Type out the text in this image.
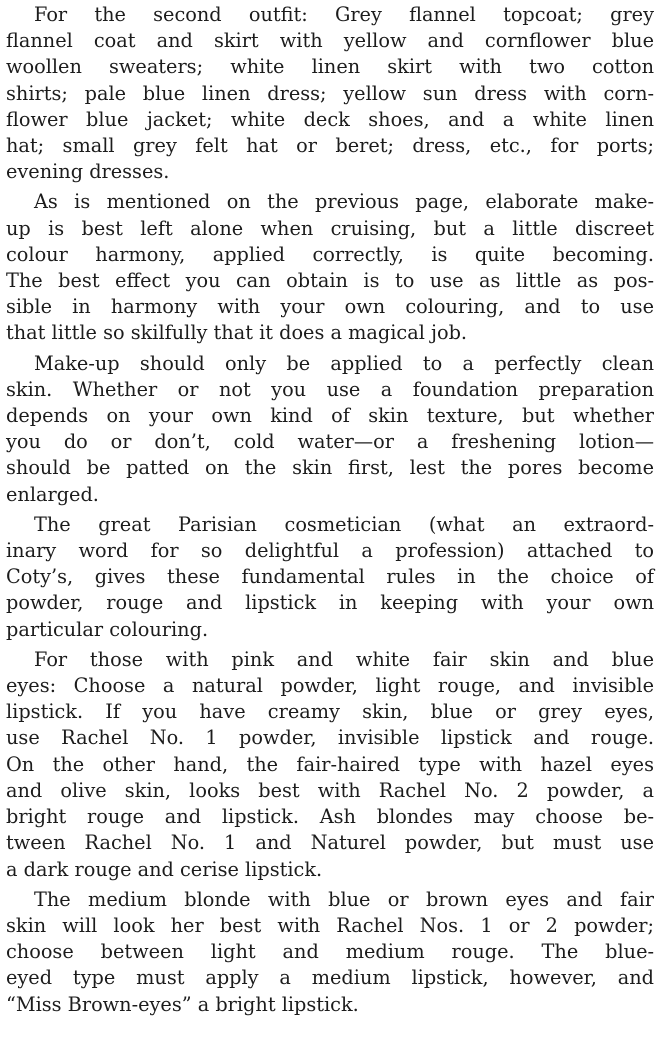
For the second outfit: Grey flannel topcoat; grey
flannel coat and skirt with yellow and cornflower blue
woollen sweaters; white linen skirt with two cotton
shirts; pale blue linen dress; yellow sun dress with corn-
flower blue jacket; white deck shoes, and a white linen
hat; small grey felt hat or beret; dress, etc., for ports;
evening dresses.

As is mentioned on the previous page, elaborate make-
up is best left alone when cruising, but a little discreet
colour harmony, applied correctly, is quite becoming.
The best effect you can obtain is to use as little as pos-
sible in harmony with your own colouring, and to use
that little so skilfully that it does a magical job.

Make-up should only be applied to a perfectly clean
skin. Whether or not you use a foundation preparation
depends on your own kind of skin texture, but whether
you do or don’t, cold water—or a freshening lotion—
should be patted on the skin first, lest the pores become
enlarged.

The great Parisian cosmetician (what an extraord-
inary word for so delightful a profession) attached to
Coty’s, gives these fundamental rules in the choice of
powder, rouge and lipstick in keeping with your own
particular colouring.

For those with pink and white fair skin and blue
eyes: Choose a natural powder, light rouge, and invisible
lipstick. If you have creamy skin, blue or grey eyes,
use Rachel No. 1 powder, invisible lipstick and rouge.
On the other hand, the fair-haired type with hazel eyes
and olive skin, looks best with Rachel No. 2 powder, a
bright rouge and lipstick. Ash blondes may choose be-
tween Rachel No. 1 and Naturel powder, but must use
a dark rouge and cerise lipstick.

The medium blonde with blue or brown eyes and fair
skin will look her best with Rachel Nos. 1 or 2 powder;
choose between light and medium rouge. The blue-
eyed type must apply a medium lipstick, however, and
“Miss Brown-eyes” a bright lipstick.
